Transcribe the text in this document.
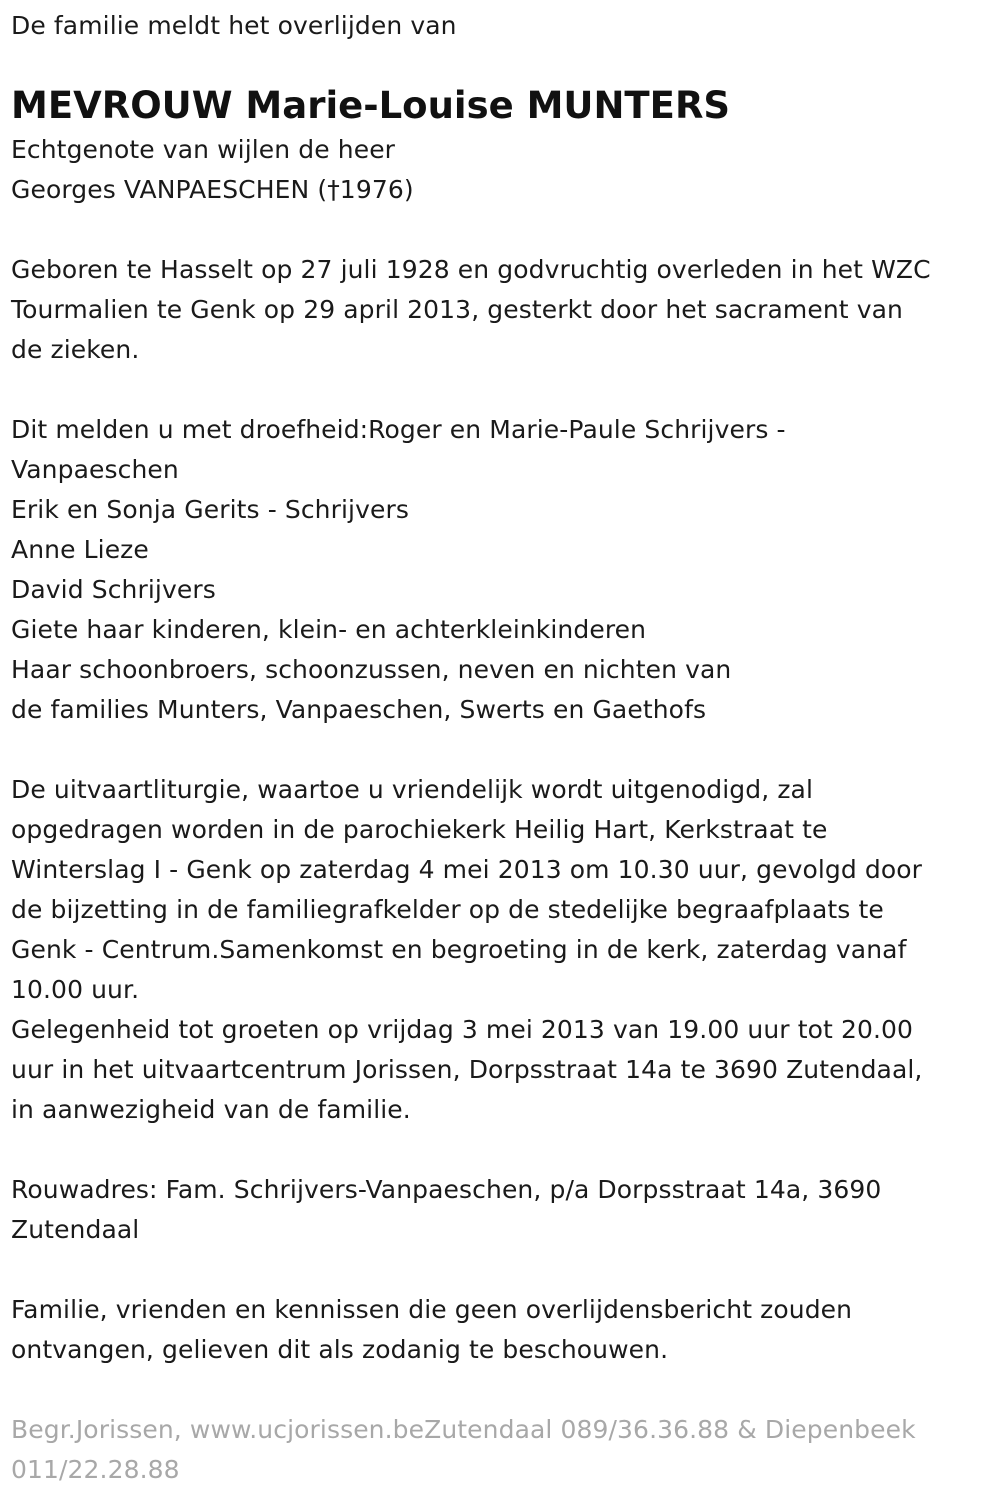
De familie meldt het overlijden van
MEVROUW Marie-Louise MUNTERS
Echtgenote van wijlen de heer
Georges VANPAESCHEN (†1976)
Geboren te Hasselt op 27 juli 1928 en godvruchtig overleden in het WZC
Tourmalien te Genk op 29 april 2013, gesterkt door het sacrament van
de zieken.
Dit melden u met droefheid:Roger en Marie-Paule Schrijvers -
Vanpaeschen
Erik en Sonja Gerits - Schrijvers
Anne Lieze
David Schrijvers
Giete haar kinderen, klein- en achterkleinkinderen
Haar schoonbroers, schoonzussen, neven en nichten van
de families Munters, Vanpaeschen, Swerts en Gaethofs
De uitvaartliturgie, waartoe u vriendelijk wordt uitgenodigd, zal
opgedragen worden in de parochiekerk Heilig Hart, Kerkstraat te
Winterslag I - Genk op zaterdag 4 mei 2013 om 10.30 uur, gevolgd door
de bijzetting in de familiegrafkelder op de stedelijke begraafplaats te
Genk - Centrum.Samenkomst en begroeting in de kerk, zaterdag vanaf
10.00 uur.
Gelegenheid tot groeten op vrijdag 3 mei 2013 van 19.00 uur tot 20.00
uur in het uitvaartcentrum Jorissen, Dorpsstraat 14a te 3690 Zutendaal,
in aanwezigheid van de familie.
Rouwadres: Fam. Schrijvers-Vanpaeschen, p/a Dorpsstraat 14a, 3690
Zutendaal
Familie, vrienden en kennissen die geen overlijdensbericht zouden
ontvangen, gelieven dit als zodanig te beschouwen.
Begr.Jorissen, www.ucjorissen.beZutendaal 089/36.36.88 & Diepenbeek
011/22.28.88
